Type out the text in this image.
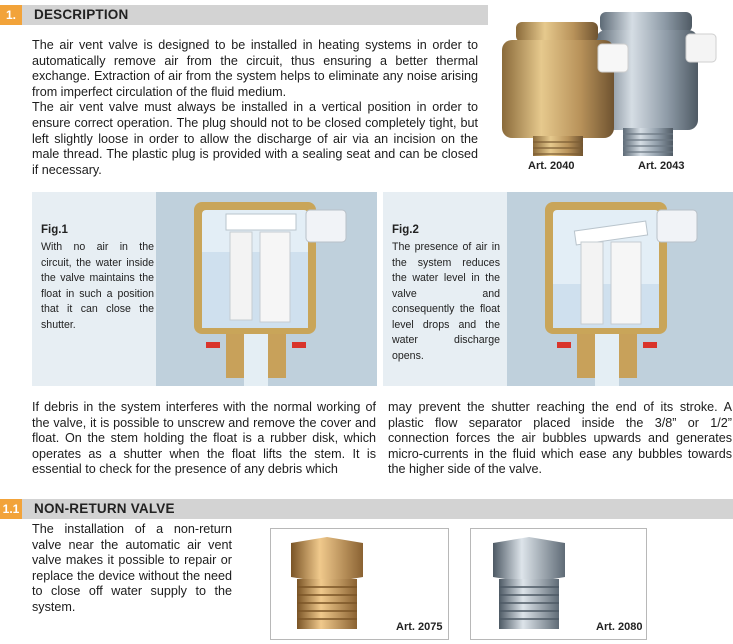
1.	DESCRIPTION
The air vent valve is designed to be installed in heating systems in order to automatically remove air from the circuit, thus ensuring a better thermal exchange. Extraction of air from the system helps to eliminate any noise arising from imperfect circulation of the fluid medium.
The air vent valve must always be installed in a vertical position in order to ensure correct operation. The plug should not to be closed completely tight, but left slightly loose in order to allow the discharge of air via an incision on the male thread. The plastic plug is provided with a sealing seat and can be closed if necessary.	Art. 2040	Art. 2043
Fig.1
With no air in the circuit, the water inside the valve maintains the float in such a position that it can close the shutter.
Fig.2
The presence of air in the system reduces the water level in the valve and consequently the float level drops and the water discharge opens.
If debris in the system interferes with the normal working of the valve, it is possible to unscrew and remove the cover and float. On the stem holding the float is a rubber disk, which operates as a shutter when the float lifts the stem. It is essential to check for the presence of any debris which
may prevent the shutter reaching the end of its stroke. A plastic flow separator placed inside the 3/8” or 1/2” connection forces the air bubbles upwards and generates micro-currents in the fluid which ease any bubbles towards the higher side of the valve.
1.1 NON-RETURN VALVE
The installation of a non-return valve near the automatic air vent valve makes it possible to repair or replace the device without the need to close off water supply to the system.
Art. 2075	Art. 2080
